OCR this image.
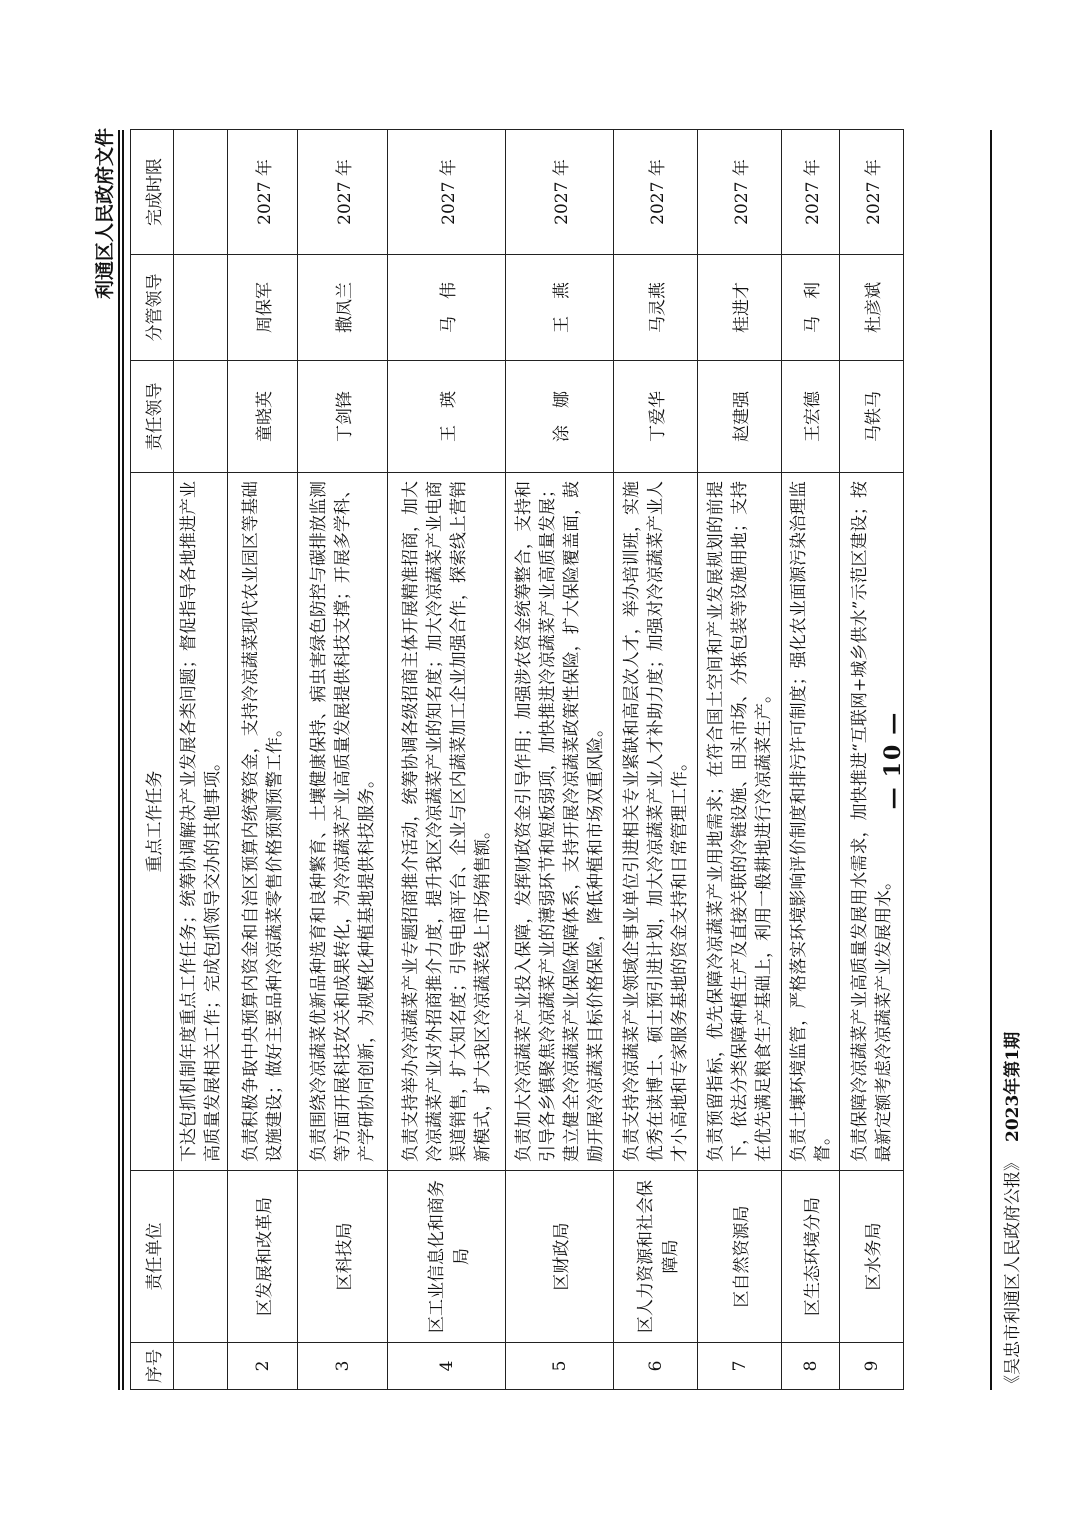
利通区人民政府文件
序号	责任单位	重点工作任务	责任领导	分管领导	完成时限
		下达包抓机制年度重点工作任务；统筹协调解决产业发展各类问题；督促指导各地推进产业高质量发展相关工作；完成包抓领导交办的其他事项。			
2	区发展和改革局	负责积极争取中央预算内资金和自治区预算内统筹资金，支持冷凉蔬菜现代农业园区等基础设施建设；做好主要品种冷凉蔬菜零售价格预测预警工作。	童晓英	周保军	2027 年
3	区科技局	负责围绕冷凉蔬菜优新品种选育和良种繁育、土壤健康保持、病虫害绿色防控与碳排放监测等方面开展科技攻关和成果转化，为冷凉蔬菜产业高质量发展提供科技支撑；开展多学科、产学研协同创新，为规模化种植基地提供科技服务。	丁剑锋	撒凤兰	2027 年
4	区工业信息化和商务局	负责支持举办冷凉蔬菜产业专题招商推介活动，统筹协调各级招商主体开展精准招商，加大冷凉蔬菜产业对外招商推介力度，提升我区冷凉蔬菜产业的知名度；加大冷凉蔬菜产业电商渠道销售，扩大知名度；引导电商平台、企业与区内蔬菜加工企业加强合作，探索线上营销新模式，扩大我区冷凉蔬菜线上市场销售额。	王　瑛	马　伟	2027 年
5	区财政局	负责加大冷凉蔬菜产业投入保障，发挥财政资金引导作用；加强涉农资金统筹整合，支持和引导各乡镇聚焦冷凉蔬菜产业的薄弱环节和短板弱项，加快推进冷凉蔬菜产业高质量发展；建立健全冷凉蔬菜产业保险保障体系，支持开展冷凉蔬菜政策性保险，扩大保险覆盖面，鼓励开展冷凉蔬菜目标价格保险，降低种植和市场双重风险。	涂　娜	王　燕	2027 年
6	区人力资源和社会保障局	负责支持冷凉蔬菜产业领域企事业单位引进相关专业紧缺和高层次人才，举办培训班，实施优秀在读博士、硕士预引进计划，加大冷凉蔬菜产业人才补助力度；加强对冷凉蔬菜产业人才小高地和专家服务基地的资金支持和日常管理工作。	丁爱华	马灵燕	2027 年
7	区自然资源局	负责预留指标，优先保障冷凉蔬菜产业用地需求；在符合国土空间和产业发展规划的前提下，依法分类保障种植生产及直接关联的冷链设施、田头市场、分拣包装等设施用地；支持在优先满足粮食生产基础上，利用一般耕地进行冷凉蔬菜生产。	赵建强	桂进才	2027 年
8	区生态环境分局	负责土壤环境监管，严格落实环境影响评价制度和排污许可制度；强化农业面源污染治理监督。	王宏德	马　利	2027 年
9	区水务局	负责保障冷凉蔬菜产业高质量发展用水需求，加快推进“互联网+城乡供水”示范区建设；按最新定额考虑冷凉蔬菜产业发展用水。	马铁马	杜彦斌	2027 年
—10—
《吴忠市利通区人民政府公报》2023年第1期
